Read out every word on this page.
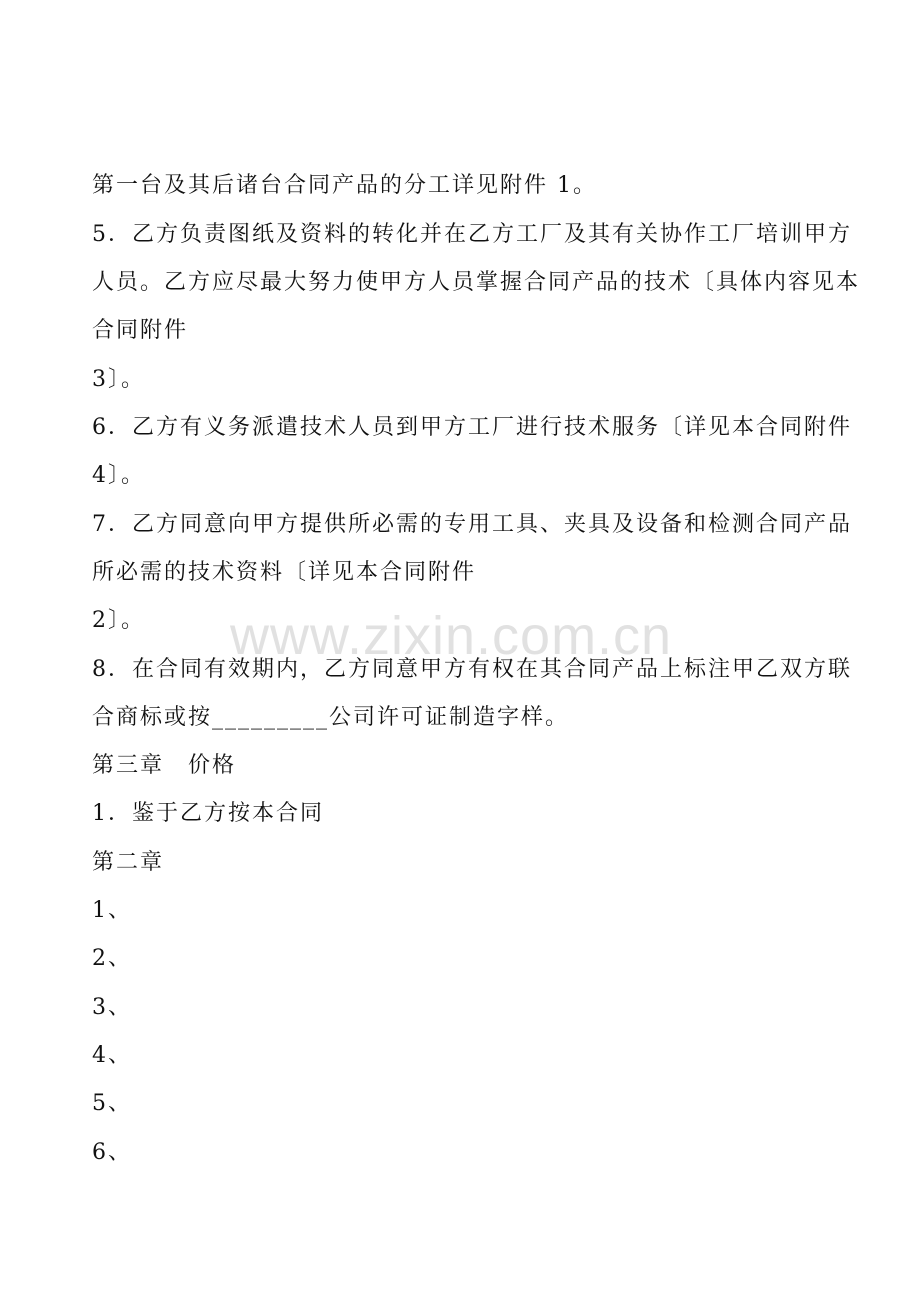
第一台及其后诸台合同产品的分工详见附件 1。

5．乙方负责图纸及资料的转化并在乙方工厂及其有关协作工厂培训甲方

人员。乙方应尽最大努力使甲方人员掌握合同产品的技术〔具体内容见本

合同附件

3〕。

6．乙方有义务派遣技术人员到甲方工厂进行技术服务〔详见本合同附件

4〕。

7．乙方同意向甲方提供所必需的专用工具、夹具及设备和检测合同产品

所必需的技术资料〔详见本合同附件

2〕。

8．在合同有效期内，乙方同意甲方有权在其合同产品上标注甲乙双方联

合商标或按_________公司许可证制造字样。

第三章　价格

1．鉴于乙方按本合同

第二章

1、

2、

3、

4、

5、

6、

www.zixin.com.cn
